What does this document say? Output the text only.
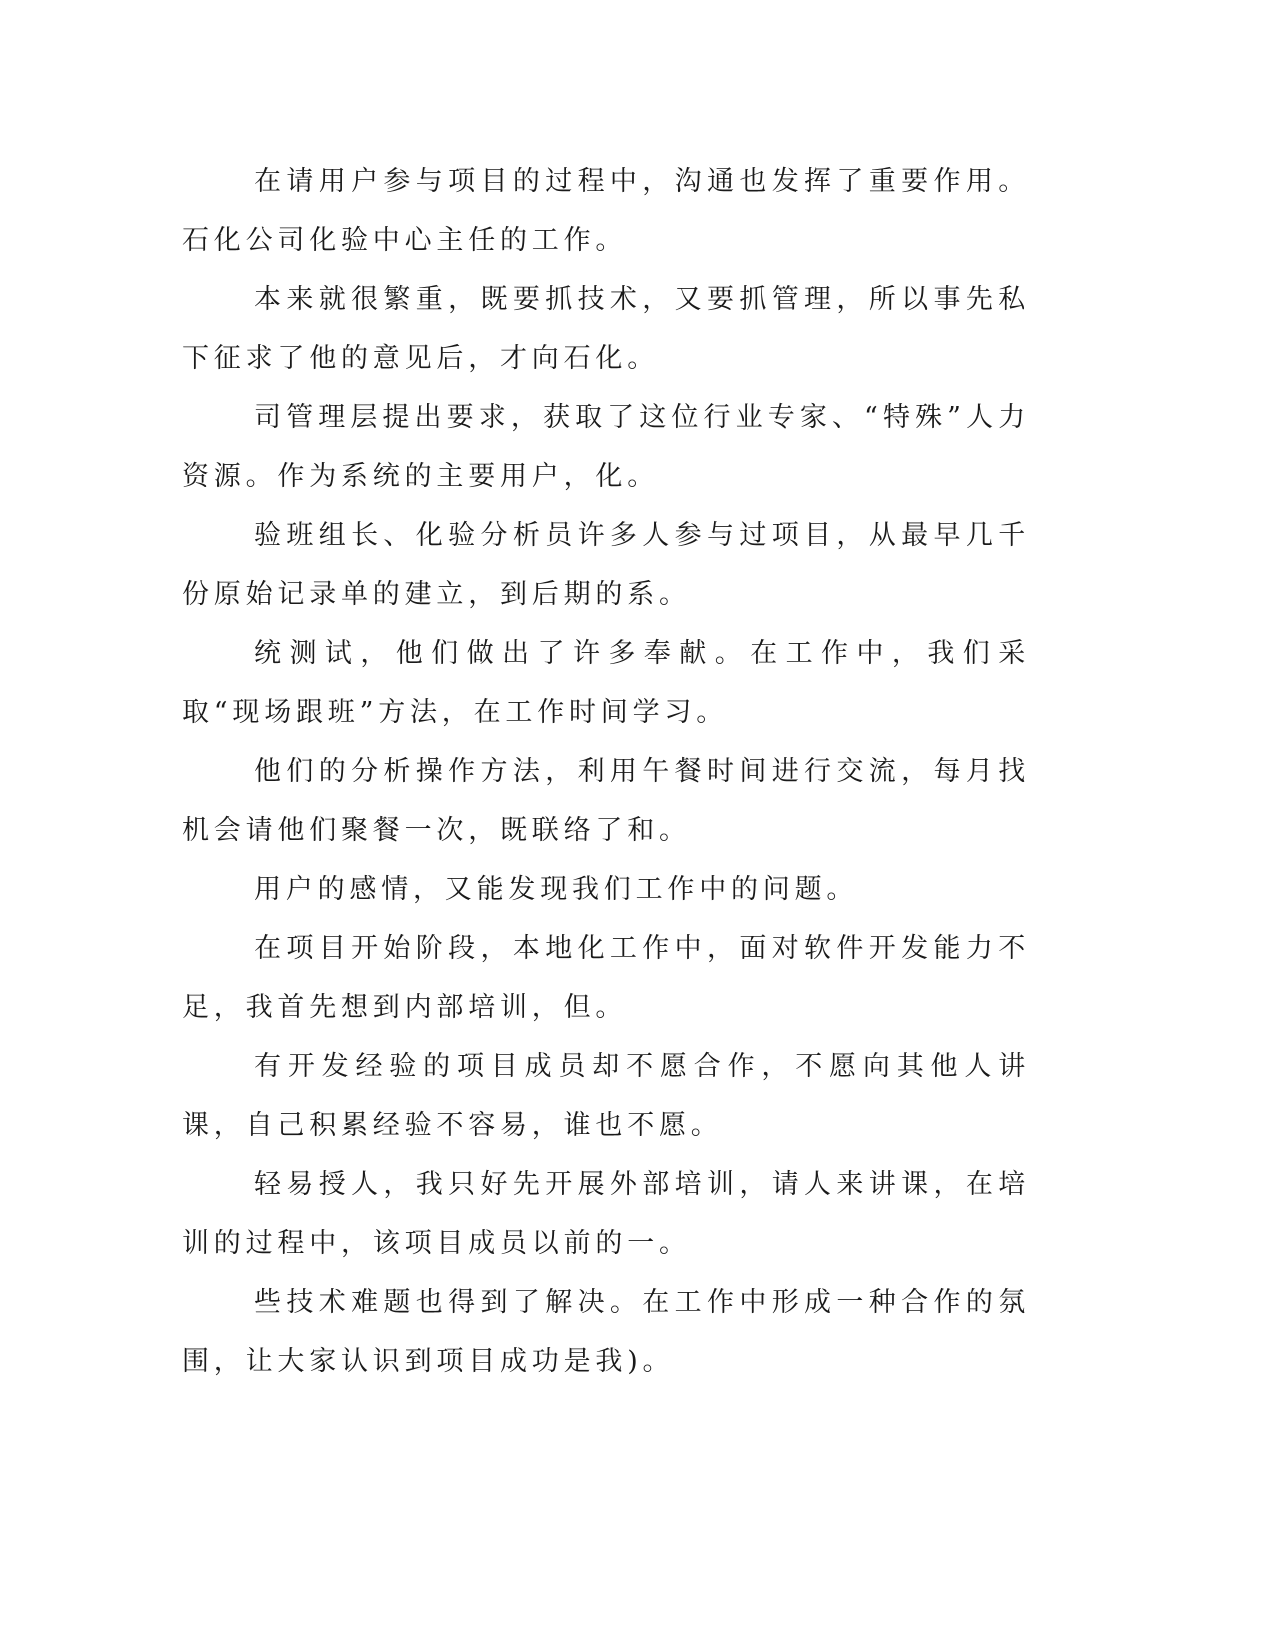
在请用户参与项目的过程中，沟通也发挥了重要作用。石化公司化验中心主任的工作。

本来就很繁重，既要抓技术，又要抓管理，所以事先私下征求了他的意见后，才向石化。

司管理层提出要求，获取了这位行业专家、“特殊”人力资源。作为系统的主要用户，化。

验班组长、化验分析员许多人参与过项目，从最早几千份原始记录单的建立，到后期的系。

统测试，他们做出了许多奉献。在工作中，我们采取“现场跟班”方法，在工作时间学习。

他们的分析操作方法，利用午餐时间进行交流，每月找机会请他们聚餐一次，既联络了和。

用户的感情，又能发现我们工作中的问题。

在项目开始阶段，本地化工作中，面对软件开发能力不足，我首先想到内部培训，但。

有开发经验的项目成员却不愿合作，不愿向其他人讲课，自己积累经验不容易，谁也不愿。

轻易授人，我只好先开展外部培训，请人来讲课，在培训的过程中，该项目成员以前的一。

些技术难题也得到了解决。在工作中形成一种合作的氛围，让大家认识到项目成功是我)。
